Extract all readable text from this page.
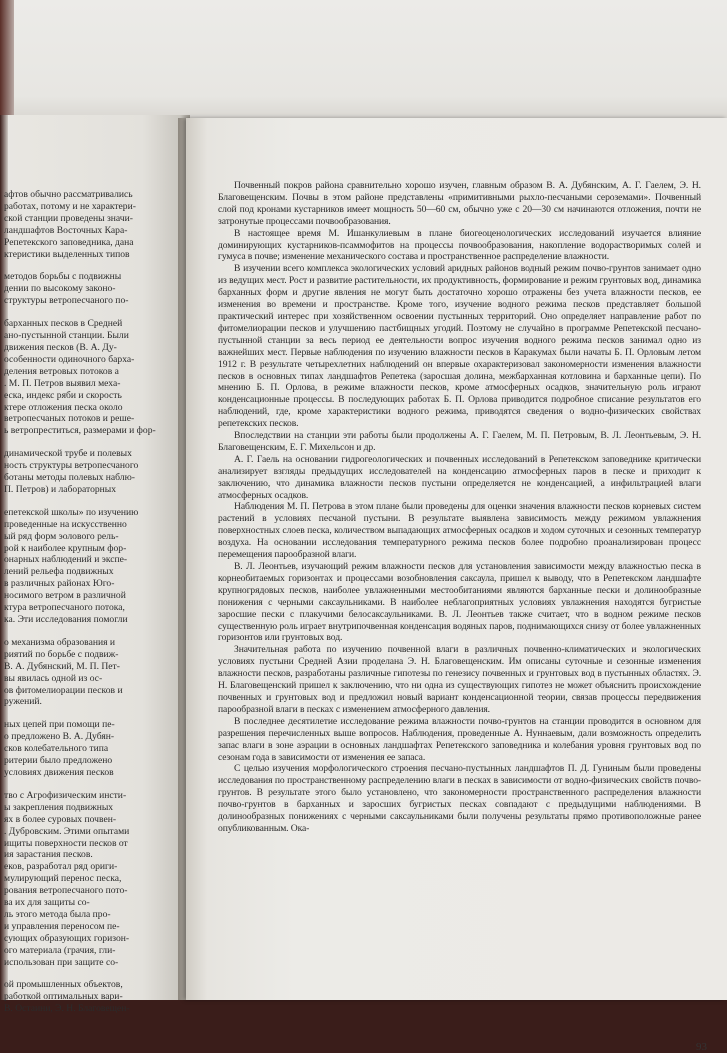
афтов обычно рассматривались

работах, потому и не характери-

ской станции проведены значи-

ландшафтов Восточных Кара-

Репетекского заповедника, дана

ктеристики выделенных типов

методов борьбы с подвижны

дении по высокому законо-

структуры ветропесчаного по-

барханных песков в Средней

ано-пустынной станции. Были

движения песков (В. А. Ду-

особенности одиночного барха-

деления ветровых потоков а

. М. П. Петров выявил меха-

еска, индекс ряби и скорость

ктере отложения песка около

ветропесчаных потоков и реше-

ь ветропреститься, размерами и фор-

динамической трубе и полевых

ность структуры ветропесчаного

ботаны методы полевых наблю-

П. Петров) и лабораторных

епетекской школы» по изучению

проведенные на искусственно

ый ряд форм эолового рель-

рой к наиболее крупным фор-

онарных наблюдений и экспе-

лений рельефа подвижных

в различных районах Юго-

носимого ветром в различной

ктура ветропесчаного потока,

ка. Эти исследования помогли

о механизма образования и

риятий по борьбе с подвиж-

В. А. Дубянский, М. П. Пет-

вы явилась одной из ос-

ов фитомелиорации песков и

ружений.

ных цепей при помощи пе-

о предложено В. А. Дубян-

сков колебательного типа

ритерии было предложено

условиях движения песков

тво с Агрофизическим инсти-

ы закрепления подвижных

ях в более суровых почвен-

. Дубровским. Этими опытами

ищиты поверхности песков от

ия зарастания песков.

еков, разработал ряд ориги-

мулирующий перенос песка,

рования ветропесчаного пото-

ва их для защиты со-

ль этого метода была про-

и управления переносом пе-

сующих образующих горизон-

ого материала (грачия, гли-

использован при защите со-

ой промышленных объектов,

работкой оптимальных вари-

В. Остаини, Э. Н. Благовещен-

Почвенный покров района сравнительно хорошо изучен, главным образом В. А. Дубянским, А. Г. Гаелем, Э. Н. Благовещенским. Почвы в этом районе представлены «примитивными рыхло-песчаными сероземами». Почвенный слой под кронами кустарников имеет мощность 50—60 см, обычно уже с 20—30 см начинаются отложения, почти не затронутые процессами почвообразования.

В настоящее время М. Ишанкулиевым в плане биогеоценологических исследований изучается влияние доминирующих кустарников-псаммофитов на процессы почвообразования, накопление водорастворимых солей и гумуса в почве; изменение механического состава и пространственное распределение влажности.

В изучении всего комплекса экологических условий аридных районов водный режим почво-грунтов занимает одно из ведущих мест. Рост и развитие растительности, их продуктивность, формирование и режим грунтовых вод, динамика барханных форм и другие явления не могут быть достаточно хорошо отражены без учета влажности песков, ее изменения во времени и пространстве. Кроме того, изучение водного режима песков представляет большой практический интерес при хозяйственном освоении пустынных территорий. Оно определяет направление работ по фитомелиорации песков и улучшению пастбищных угодий. Поэтому не случайно в программе Репетекской песчано-пустынной станции за весь период ее деятельности вопрос изучения водного режима песков занимал одно из важнейших мест. Первые наблюдения по изучению влажности песков в Каракумах были начаты Б. П. Орловым летом 1912 г. В результате четырехлетних наблюдений он впервые охарактеризовал закономерности изменения влажности песков в основных типах ландшафтов Репетека (заросшая долина, межбарханная котловина и барханные цепи). По мнению Б. П. Орлова, в режиме влажности песков, кроме атмосферных осадков, значительную роль играют конденсационные процессы. В последующих работах Б. П. Орлова приводится подробное списание результатов его наблюдений, где, кроме характеристики водного режима, приводятся сведения о водно-физических свойствах репетекских песков.

Впоследствии на станции эти работы были продолжены А. Г. Гаелем, М. П. Петровым, В. Л. Леонтьевым, Э. Н. Благовещенским, Е. Г. Михельсон и др.

А. Г. Гаель на основании гидрогеологических и почвенных исследований в Репетекском заповеднике критически анализирует взгляды предыдущих исследователей на конденсацию атмосферных паров в песке и приходит к заключению, что динамика влажности песков пустыни определяется не конденсацией, а инфильтрацией влаги атмосферных осадков.

Наблюдения М. П. Петрова в этом плане были проведены для оценки значения влажности песков корневых систем растений в условиях песчаной пустыни. В результате выявлена зависимость между режимом увлажнения поверхностных слоев песка, количеством выпадающих атмосферных осадков и ходом суточных и сезонных температур воздуха. На основании исследования температурного режима песков более подробно проанализирован процесс перемещения парообразной влаги.

В. Л. Леонтьев, изучающий режим влажности песков для установления зависимости между влажностью песка в корнеобитаемых горизонтах и процессами возобновления саксаула, пришел к выводу, что в Репетекском ландшафте крупногрядовых песков, наиболее увлажненными местообитаниями являются барханные пески и долинообразные понижения с черными саксаульниками. В наиболее неблагоприятных условиях увлажнения находятся бугристые заросшие пески с плакучими белосаксаульниками. В. Л. Леонтьев также считает, что в водном режиме песков существенную роль играет внутрипочвенная конденсация водяных паров, поднимающихся снизу от более увлажненных горизонтов или грунтовых вод.

Значительная работа по изучению почвенной влаги в различных почвенно-климатических и экологических условиях пустыни Средней Азии проделана Э. Н. Благовещенским. Им описаны суточные и сезонные изменения влажности песков, разработаны различные гипотезы по генезису почвенных и грунтовых вод в пустынных областях. Э. Н. Благовещенский пришел к заключению, что ни одна из существующих гипотез не может объяснить происхождение почвенных и грунтовых вод и предложил новый вариант конденсационной теории, связав процессы передвижения парообразной влаги в песках с изменением атмосферного давления.

В последнее десятилетие исследование режима влажности почво-грунтов на станции проводится в основном для разрешения перечисленных выше вопросов. Наблюдения, проведенные А. Нуннаевым, дали возможность определить запас влаги в зоне аэрации в основных ландшафтах Репетекского заповедника и колебания уровня грунтовых вод по сезонам года в зависимости от изменения ее запаса.

С целью изучения морфологического строения песчано-пустынных ландшафтов П. Д. Гуниным были проведены исследования по пространственному распределению влаги в песках в зависимости от водно-физических свойств почво-грунтов. В результате этого было установлено, что закономерности пространственного распределения влажности почво-грунтов в барханных и заросших бугристых песках совпадают с предыдущими наблюдениями. В долинообразных понижениях с черными саксаульниками были получены результаты прямо противоположные ранее опубликованным. Ока-

93
